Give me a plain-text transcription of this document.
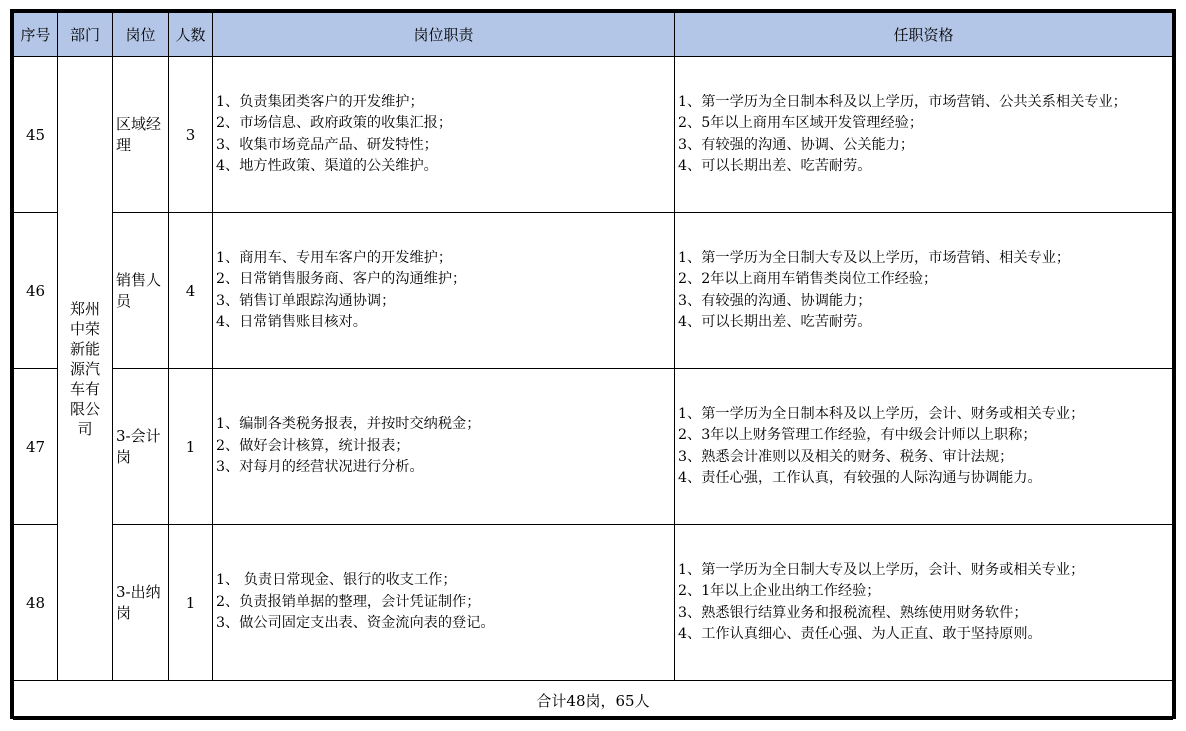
序号	部门	岗位	人数	岗位职责	任职资格
45	郑州中荣新能源汽车有限公司	区域经理	3	1、负责集团类客户的开发维护；
2、市场信息、政府政策的收集汇报；
3、收集市场竞品产品、研发特性；
4、地方性政策、渠道的公关维护。	1、第一学历为全日制本科及以上学历，市场营销、公共关系相关专业；
2、5年以上商用车区域开发管理经验；
3、有较强的沟通、协调、公关能力；
4、可以长期出差、吃苦耐劳。

46		销售人员	4	1、商用车、专用车客户的开发维护；
2、日常销售服务商、客户的沟通维护；
3、销售订单跟踪沟通协调；
4、日常销售账目核对。	1、第一学历为全日制大专及以上学历，市场营销、相关专业；
2、2年以上商用车销售类岗位工作经验；
3、有较强的沟通、协调能力；
4、可以长期出差、吃苦耐劳。

47		3-会计岗	1	1、编制各类税务报表，并按时交纳税金；
2、做好会计核算，统计报表；
3、对每月的经营状况进行分析。	1、第一学历为全日制本科及以上学历，会计、财务或相关专业；
2、3年以上财务管理工作经验，有中级会计师以上职称；
3、熟悉会计准则以及相关的财务、税务、审计法规；
4、责任心强，工作认真，有较强的人际沟通与协调能力。

48		3-出纳岗	1	1、 负责日常现金、银行的收支工作；
2、负责报销单据的整理，会计凭证制作；
3、做公司固定支出表、资金流向表的登记。	1、第一学历为全日制大专及以上学历，会计、财务或相关专业；
2、1年以上企业出纳工作经验；
3、熟悉银行结算业务和报税流程、熟练使用财务软件；
4、工作认真细心、责任心强、为人正直、敢于坚持原则。

合计48岗，65人					
